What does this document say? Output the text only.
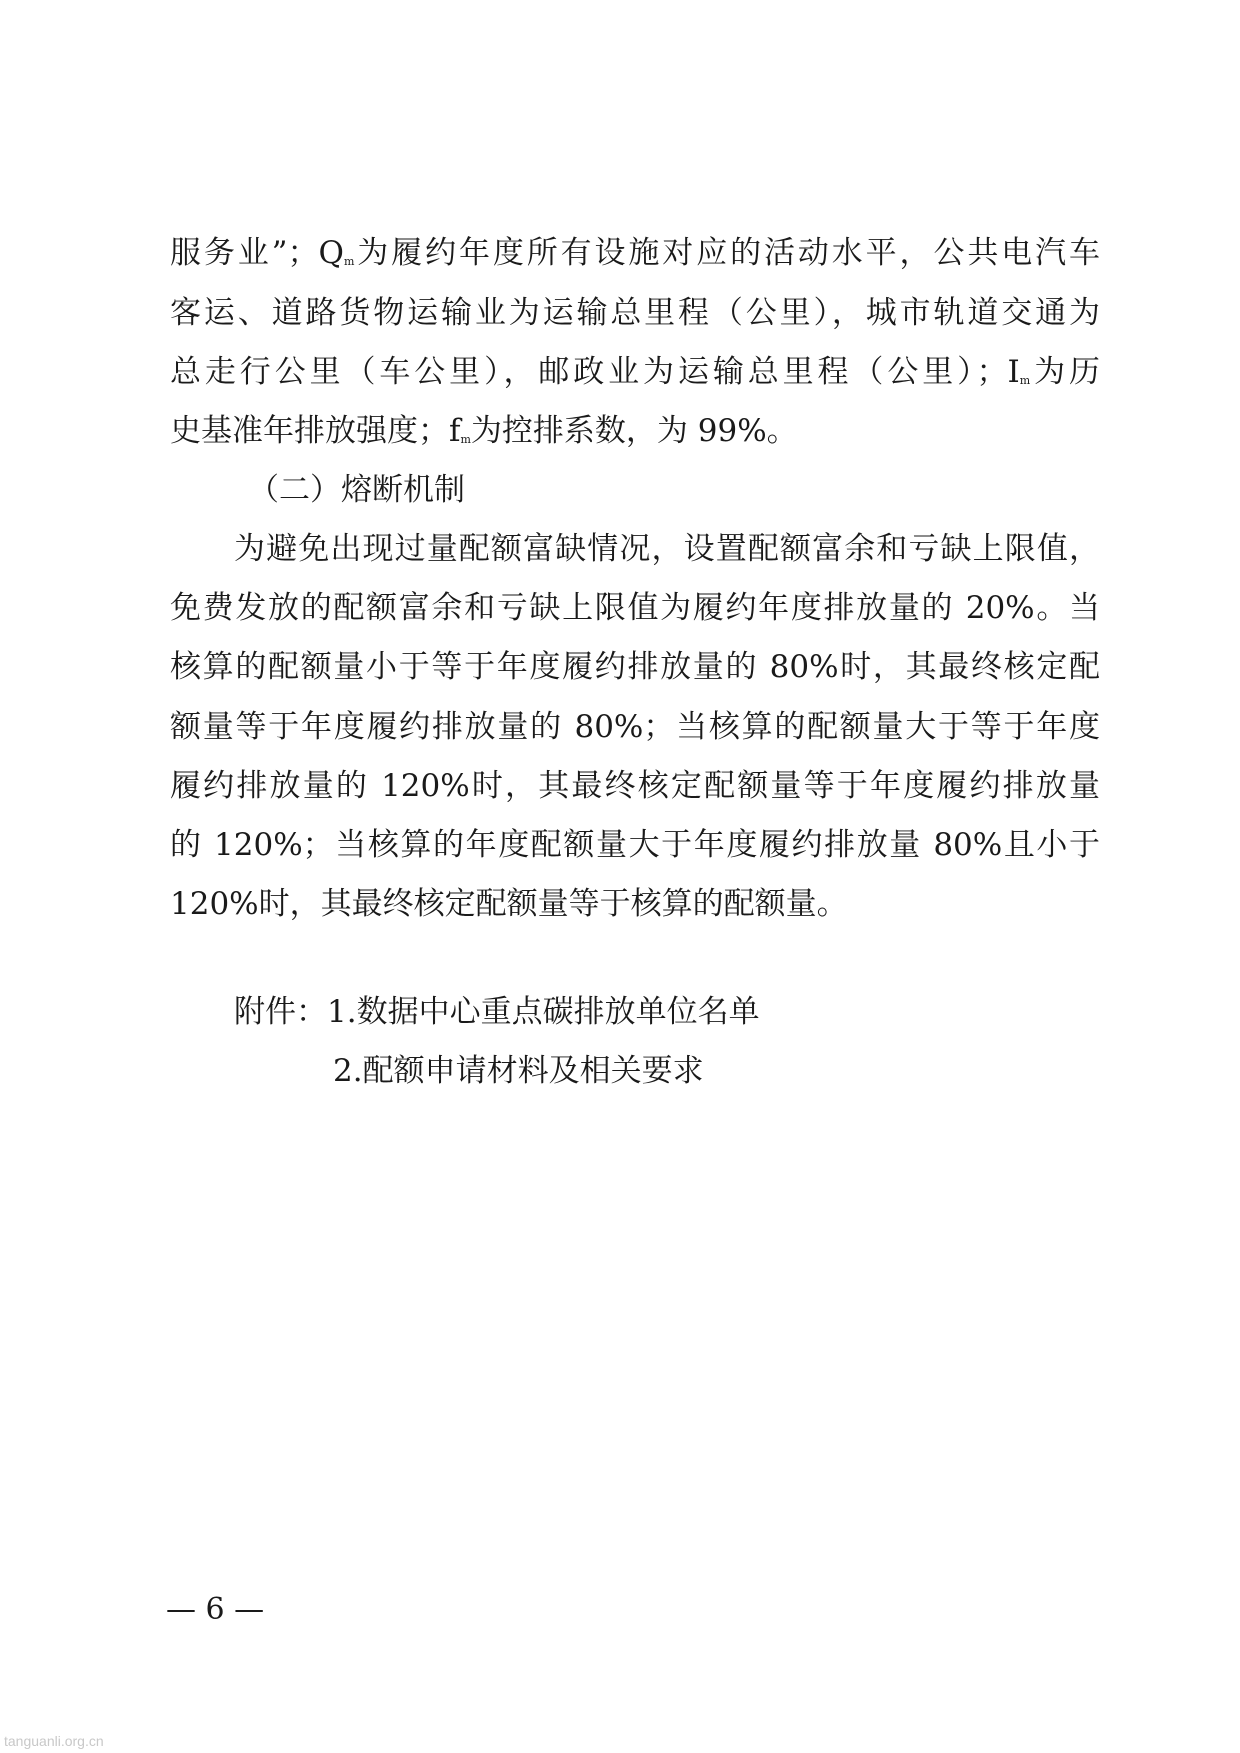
服务业”；$Q_m$为履约年度所有设施对应的活动水平，公共电汽车
客运、道路货物运输业为运输总里程（公里），城市轨道交通为
总走行公里（车公里），邮政业为运输总里程（公里）；$I_m$为历
史基准年排放强度；$f_m$为控排系数，为 99%。
（二）熔断机制
为避免出现过量配额富缺情况，设置配额富余和亏缺上限值，
免费发放的配额富余和亏缺上限值为履约年度排放量的 20%。当
核算的配额量小于等于年度履约排放量的 80%时，其最终核定配
额量等于年度履约排放量的 80%；当核算的配额量大于等于年度
履约排放量的 120%时，其最终核定配额量等于年度履约排放量
的 120%；当核算的年度配额量大于年度履约排放量 80%且小于
120%时，其最终核定配额量等于核算的配额量。
附件：1.数据中心重点碳排放单位名单
2.配额申请材料及相关要求
— 6 —
tanguanli.org.cn
